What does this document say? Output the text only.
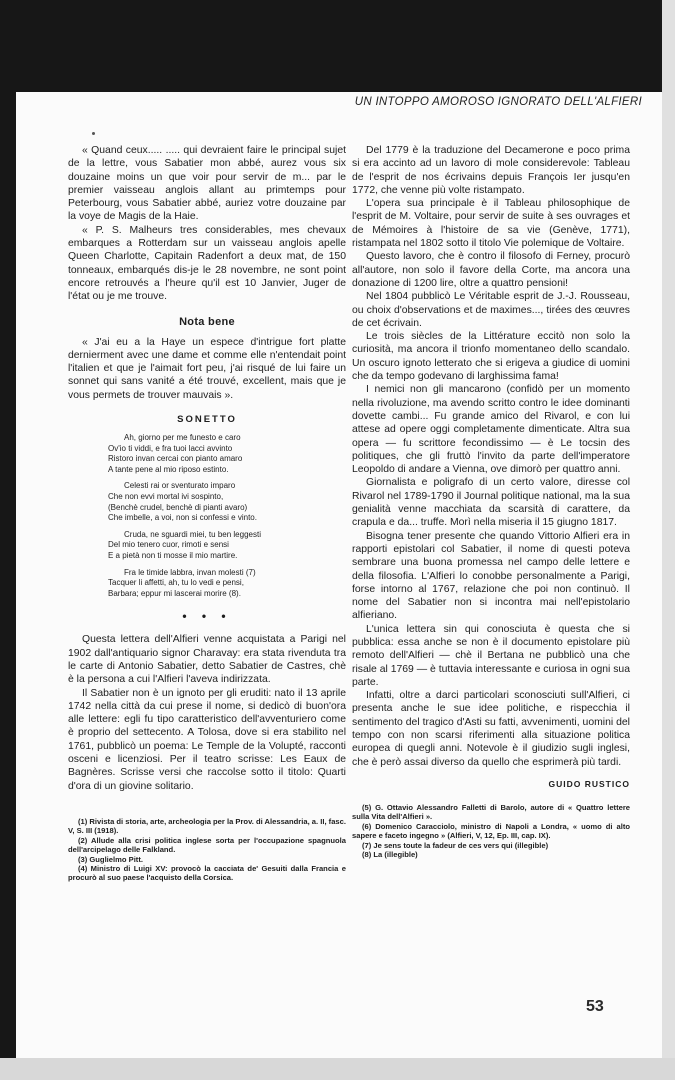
UN INTOPPO AMOROSO IGNORATO DELL'ALFIERI

« Quand ceux..... ..... qui devraient faire le principal sujet de la lettre, vous Sabatier mon abbé, aurez vous six douzaine moins un que voir pour servir de m... par le premier vaisseau anglois allant au primtemps pour Peterbourg, vous Sabatier abbé, auriez votre douzaine par la voye de Magis de la Haie.

« P. S. Malheurs tres considerables, mes chevaux embarques a Rotterdam sur un vaisseau anglois apelle Queen Charlotte, Capitain Radenfort a deux mat, de 150 tonneaux, embarqués dis-je le 28 novembre, ne sont point encore retrouvés a l'heure qu'il est 10 Janvier, Juger de l'état ou je me trouve.

Nota bene

« J'ai eu a la Haye un espece d'intrigue fort platte dernierment avec une dame et comme elle n'entendait point l'italien et que je l'aimait fort peu, j'ai risqué de lui faire un sonnet qui sans vanité a été trouvé, excellent, mais que je vous permets de trouver mauvais ».

SONETTO
Ah, giorno per me funesto e caro
Ov'io ti viddi, e fra tuoi lacci avvinto
Ristoro invan cercai con pianto amaro
A tante pene al mio riposo estinto.
Celesti rai or sventurato imparo
Che non evvi mortal ivi sospinto,
(Benchè crudel, benchè di pianti avaro)
Che imbelle, a voi, non si confessi e vinto.
Cruda, ne sguardi miei, tu ben leggesti
Del mio tenero cuor, rimoti e sensi
E a pietà non ti mosse il mio martire.
Fra le timide labbra, invan molesti (7)
Tacquer li affetti, ah, tu lo vedi e pensi,
Barbara; eppur mi lascerai morire (8).
• • •

Questa lettera dell'Alfieri venne acquistata a Parigi nel 1902 dall'antiquario signor Charavay: era stata rivenduta tra le carte di Antonio Sabatier, detto Sabatier de Castres, chè è la persona a cui l'Alfieri l'aveva indirizzata.

Il Sabatier non è un ignoto per gli eruditi: nato il 13 aprile 1742 nella città da cui prese il nome, si dedicò di buon'ora alle lettere: egli fu tipo caratteristico dell'avventuriero come è proprio del settecento. A Tolosa, dove si era stabilito nel 1761, pubblicò un poema: Le Temple de la Volupté, racconti osceni e licenziosi. Per il teatro scrisse: Les Eaux de Bagnères. Scrisse versi che raccolse sotto il titolo: Quarti d'ora di un giovine solitario.

(1) Rivista di storia, arte, archeologia per la Prov. di Alessandria, a. II, fasc. V, S. III (1918).

(2) Allude alla crisi politica inglese sorta per l'occupazione spagnuola dell'arcipelago delle Falkland.

(3) Guglielmo Pitt.

(4) Ministro di Luigi XV: provocò la cacciata de' Gesuiti dalla Francia e procurò al suo paese l'acquisto della Corsica.

Del 1779 è la traduzione del Decamerone e poco prima si era accinto ad un lavoro di mole considerevole: Tableau de l'esprit de nos écrivains depuis François Ier jusqu'en 1772, che venne più volte ristampato.

L'opera sua principale è il Tableau philosophique de l'esprit de M. Voltaire, pour servir de suite à ses ouvrages et de Mémoires à l'histoire de sa vie (Genève, 1771), ristampata nel 1802 sotto il titolo Vie polemique de Voltaire.

Questo lavoro, che è contro il filosofo di Ferney, procurò all'autore, non solo il favore della Corte, ma ancora una donazione di 1200 lire, oltre a quattro pensioni!

Nel 1804 pubblicò Le Véritable esprit de J.-J. Rousseau, ou choix d'observations et de maximes..., tirées des œuvres de cet écrivain.

Le trois siècles de la Littérature eccitò non solo la curiosità, ma ancora il trionfo momentaneo dello scandalo. Un oscuro ignoto letterato che si erigeva a giudice di uomini che da tempo godevano di larghissima fama!

I nemici non gli mancarono (confidò per un momento nella rivoluzione, ma avendo scritto contro le idee dominanti dovette cambi... Fu grande amico del Rivarol, e con lui attese ad opere oggi completamente dimenticate. Altra sua opera — fu scrittore fecondissimo — è Le tocsin des politiques, che gli fruttò l'invito da parte dell'imperatore Leopoldo di andare a Vienna, ove dimorò per quattro anni.

Giornalista e poligrafo di un certo valore, diresse col Rivarol nel 1789-1790 il Journal politique national, ma la sua genialità venne macchiata da scarsità di carattere, da crapula e da... truffe. Morì nella miseria il 15 giugno 1817.

Bisogna tener presente che quando Vittorio Alfieri era in rapporti epistolari col Sabatier, il nome di questi poteva sembrare una buona promessa nel campo delle lettere e della filosofia. L'Alfieri lo conobbe personalmente a Parigi, forse intorno al 1767, relazione che poi non continuò. Il nome del Sabatier non si incontra mai nell'epistolario alfieriano.

L'unica lettera sin qui conosciuta è questa che si pubblica: essa anche se non è il documento epistolare più remoto dell'Alfieri — chè il Bertana ne pubblicò una che risale al 1769 — è tuttavia interessante e curiosa in ogni sua parte.

Infatti, oltre a darci particolari sconosciuti sull'Alfieri, ci presenta anche le sue idee politiche, e rispecchia il sentimento del tragico d'Asti su fatti, avvenimenti, uomini del tempo con non scarsi riferimenti alla situazione politica europea di quegli anni. Notevole è il giudizio sugli inglesi, che è però assai diverso da quello che esprimerà più tardi.

GUIDO RUSTICO

(5) G. Ottavio Alessandro Falletti di Barolo, autore di « Quattro lettere sulla Vita dell'Alfieri ».

(6) Domenico Caracciolo, ministro di Napoli a Londra, « uomo di alto sapere e faceto ingegno » (Alfieri, V, 12, Ep. III, cap. IX).

(7) Je sens toute la fadeur de ces vers qui (illegible)

(8) La (illegible)

53
